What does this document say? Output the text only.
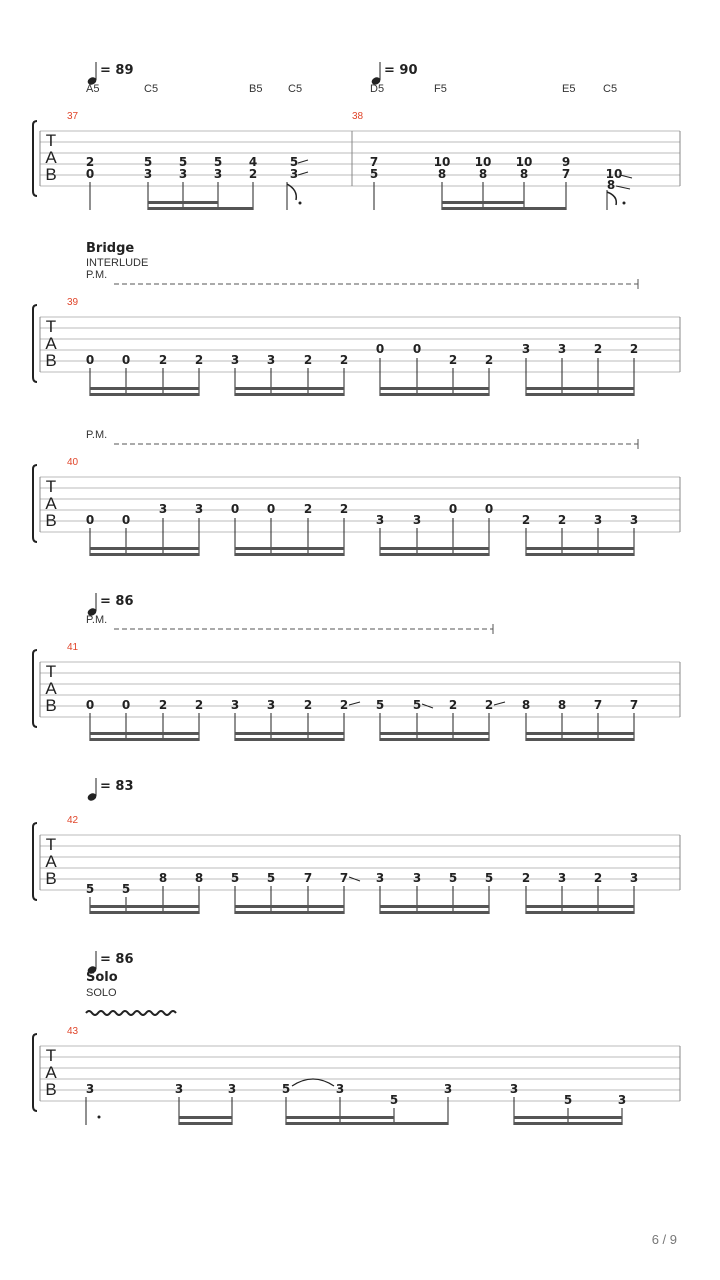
= 89	= 90
A5	C5	B5 C5	D5	F5	E5	C5
37	38
T
A
B
2	5 5 5 4	5	7	10 10 10 9
10
0	3 3 3 2	3	5	8	8	8	7
8
Bridge
INTERLUDE
P.M.
39
T
A
B 0 0 2 2 3 3 2 2
0 0
2 2
3 3 2 2
P.M.
40
T
A
B 0 0
3 3 0 0 2 2
3 3
0 0
2 2 3 3
= 86
P.M.
41
T
A
B 0 0 2 2 3 3 2 2 5 5 2 2 8 8 7 7
= 83
42
T
A
B
5 5
8 8 5 5 7 7 3 3 5 5 2 3 2 3
= 86
Solo
SOLO
43
T
A
B 3	3	3	5	3
5
3	3
5	3
6 / 9
